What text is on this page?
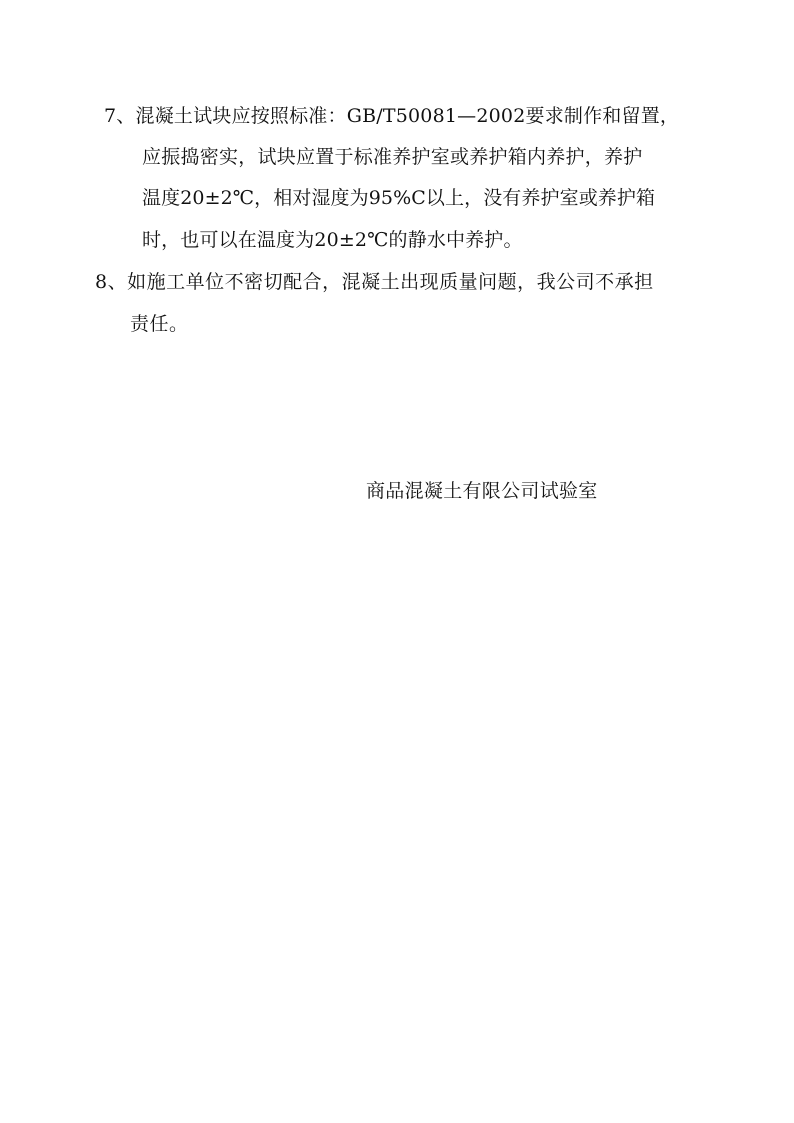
7、混凝土试块应按照标准：GB/T50081—2002要求制作和留置，
应振捣密实，试块应置于标准养护室或养护箱内养护，养护
温度20±2℃，相对湿度为95%C以上，没有养护室或养护箱
时，也可以在温度为20±2℃的静水中养护。
8、如施工单位不密切配合，混凝土出现质量问题，我公司不承担
责任。
商品混凝土有限公司试验室
